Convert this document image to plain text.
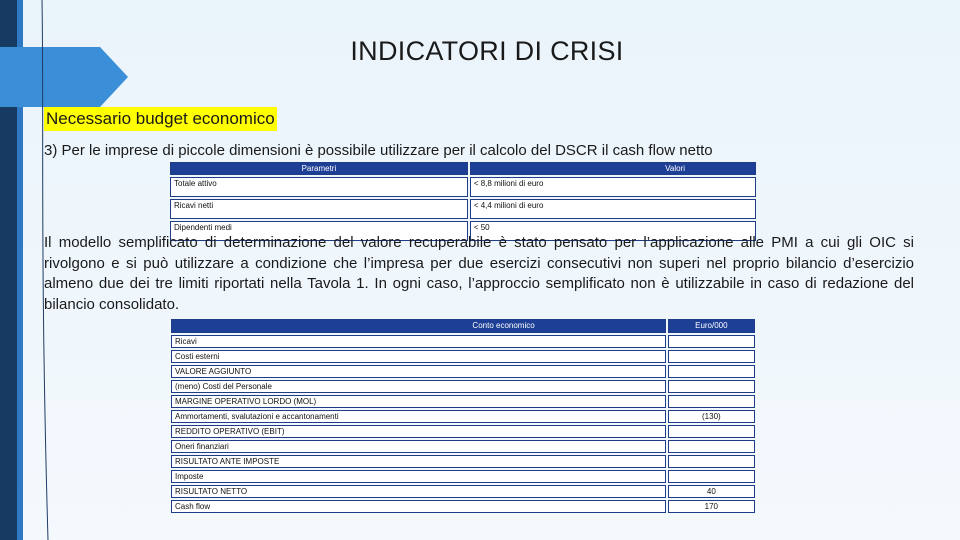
INDICATORI DI CRISI
Necessario budget economico
3) Per le imprese di piccole dimensioni è possibile utilizzare per il calcolo del DSCR il cash flow netto
Parametri	Valori
Totale attivo	< 8,8 milioni di euro
Ricavi netti	< 4,4 milioni di euro
Dipendenti medi	< 50
Il modello semplificato di determinazione del valore recuperabile è stato pensato per l’applicazione alle PMI a cui gli OIC si rivolgono e si può utilizzare a condizione che l’impresa per due esercizi consecutivi non superi nel proprio bilancio d’esercizio almeno due dei tre limiti riportati nella Tavola 1. In ogni caso, l’approccio semplificato non è utilizzabile in caso di redazione del bilancio consolidato.
Conto economico	Euro/000
Ricavi	
Costi esterni	
VALORE AGGIUNTO	
(meno) Costi del Personale	
MARGINE OPERATIVO LORDO (MOL)	
Ammortamenti, svalutazioni e accantonamenti	(130)
REDDITO OPERATIVO (EBIT)	
Oneri finanziari	
RISULTATO ANTE IMPOSTE	
Imposte	
RISULTATO NETTO	40
Cash flow	170
